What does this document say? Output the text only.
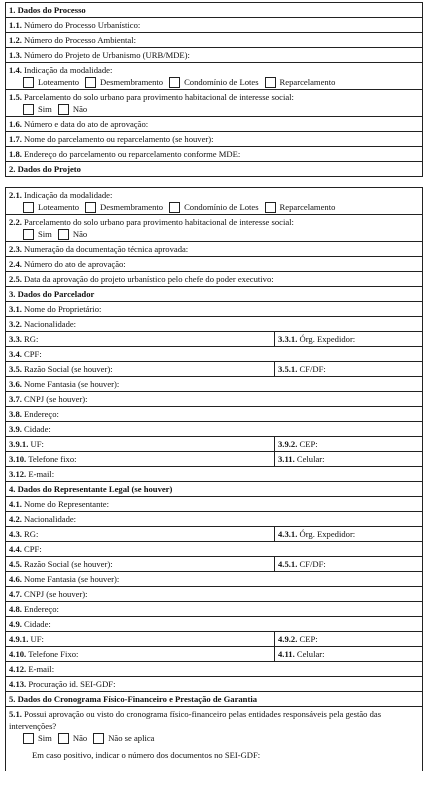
1. Dados do Processo
1.1. Número do Processo Urbanístico:
1.2. Número do Processo Ambiental:
1.3. Número do Projeto de Urbanismo (URB/MDE):
1.4. Indicação da modalidade:
Loteamento Desmembramento Condomínio de Lotes Reparcelamento
1.5. Parcelamento do solo urbano para provimento habitacional de interesse social:
Sim Não
1.6. Número e data do ato de aprovação:
1.7. Nome do parcelamento ou reparcelamento (se houver):
1.8. Endereço do parcelamento ou reparcelamento conforme MDE:
2. Dados do Projeto
2.1. Indicação da modalidade:
Loteamento Desmembramento Condomínio de Lotes Reparcelamento
2.2. Parcelamento do solo urbano para provimento habitacional de interesse social:
Sim Não
2.3. Numeração da documentação técnica aprovada:
2.4. Número do ato de aprovação:
2.5. Data da aprovação do projeto urbanístico pelo chefe do poder executivo:
3. Dados do Parcelador
3.1. Nome do Proprietário:
3.2. Nacionalidade:
3.3. RG:	3.3.1. Órg. Expedidor:
3.4. CPF:
3.5. Razão Social (se houver):	3.5.1. CF/DF:
3.6. Nome Fantasia (se houver):
3.7. CNPJ (se houver):
3.8. Endereço:
3.9. Cidade:
3.9.1. UF:	3.9.2. CEP:
3.10. Telefone fixo:	3.11. Celular:
3.12. E-mail:
4. Dados do Representante Legal (se houver)
4.1. Nome do Representante:
4.2. Nacionalidade:
4.3. RG:	4.3.1. Órg. Expedidor:
4.4. CPF:
4.5. Razão Social (se houver):	4.5.1. CF/DF:
4.6. Nome Fantasia (se houver):
4.7. CNPJ (se houver):
4.8. Endereço:
4.9. Cidade:
4.9.1. UF:	4.9.2. CEP:
4.10. Telefone Fixo:	4.11. Celular:
4.12. E-mail:
4.13. Procuração id. SEI-GDF:
5. Dados do Cronograma Físico-Financeiro e Prestação de Garantia
5.1. Possui aprovação ou visto do cronograma físico-financeiro pelas entidades responsáveis pela gestão das intervenções?
Sim Não Não se aplica
Em caso positivo, indicar o número dos documentos no SEI-GDF:
